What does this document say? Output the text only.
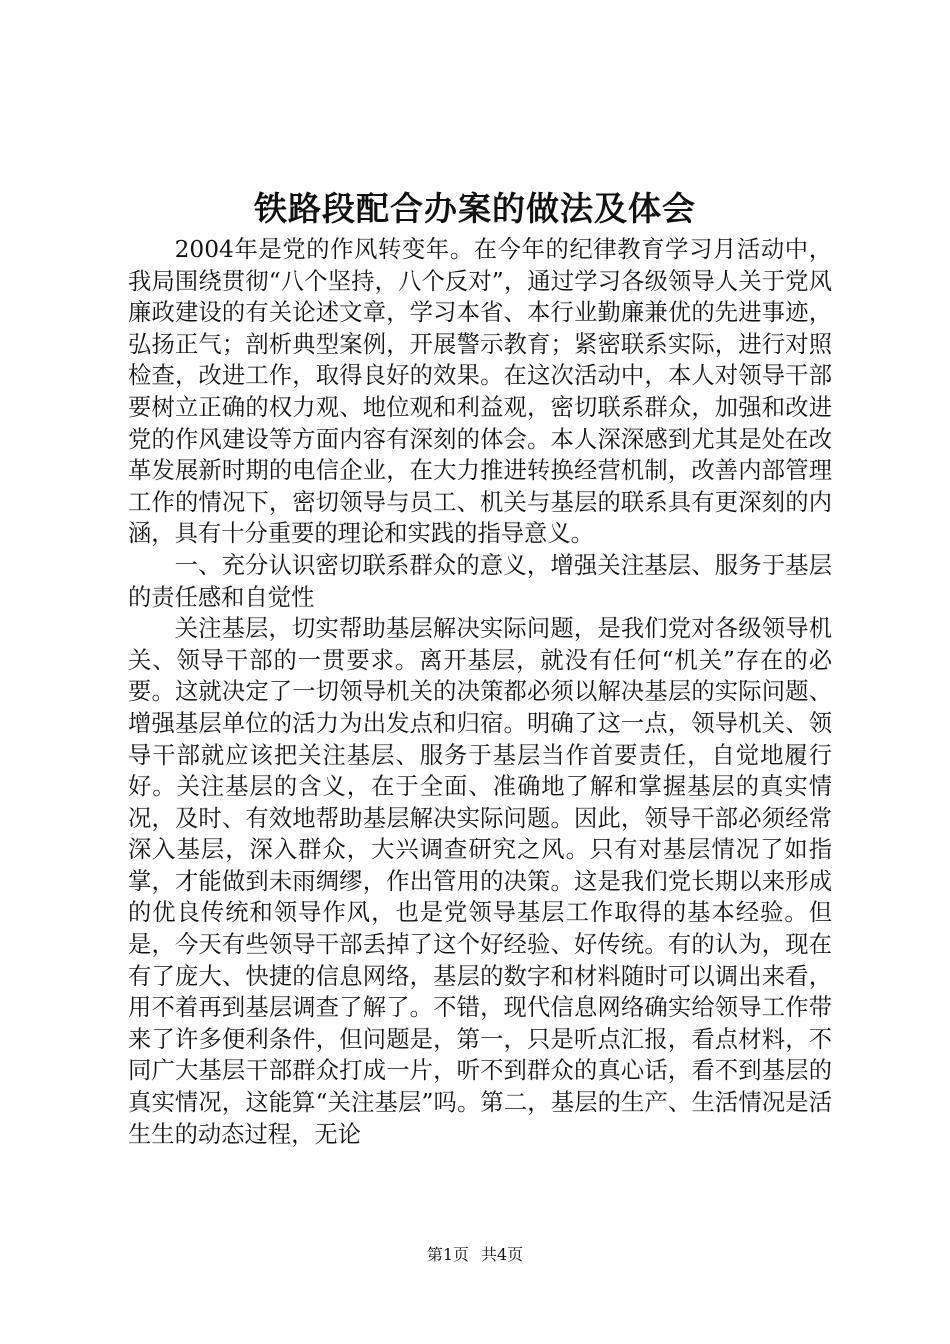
铁路段配合办案的做法及体会

2004年是党的作风转变年。在今年的纪律教育学习月活动中，我局围绕贯彻“八个坚持，八个反对”，通过学习各级领导人关于党风廉政建设的有关论述文章，学习本省、本行业勤廉兼优的先进事迹，弘扬正气；剖析典型案例，开展警示教育；紧密联系实际，进行对照检查，改进工作，取得良好的效果。在这次活动中，本人对领导干部要树立正确的权力观、地位观和利益观，密切联系群众，加强和改进党的作风建设等方面内容有深刻的体会。本人深深感到尤其是处在改革发展新时期的电信企业，在大力推进转换经营机制，改善内部管理工作的情况下，密切领导与员工、机关与基层的联系具有更深刻的内涵，具有十分重要的理论和实践的指导意义。

一、充分认识密切联系群众的意义，增强关注基层、服务于基层的责任感和自觉性

关注基层，切实帮助基层解决实际问题，是我们党对各级领导机关、领导干部的一贯要求。离开基层，就没有任何“机关”存在的必要。这就决定了一切领导机关的决策都必须以解决基层的实际问题、增强基层单位的活力为出发点和归宿。明确了这一点，领导机关、领导干部就应该把关注基层、服务于基层当作首要责任，自觉地履行好。关注基层的含义，在于全面、准确地了解和掌握基层的真实情况，及时、有效地帮助基层解决实际问题。因此，领导干部必须经常深入基层，深入群众，大兴调查研究之风。只有对基层情况了如指掌，才能做到未雨绸缪，作出管用的决策。这是我们党长期以来形成的优良传统和领导作风，也是党领导基层工作取得的基本经验。但是，今天有些领导干部丢掉了这个好经验、好传统。有的认为，现在有了庞大、快捷的信息网络，基层的数字和材料随时可以调出来看，用不着再到基层调查了解了。不错，现代信息网络确实给领导工作带来了许多便利条件，但问题是，第一，只是听点汇报，看点材料，不同广大基层干部群众打成一片，听不到群众的真心话，看不到基层的真实情况，这能算“关注基层”吗。第二，基层的生产、生活情况是活生生的动态过程，无论

第1页 共4页
